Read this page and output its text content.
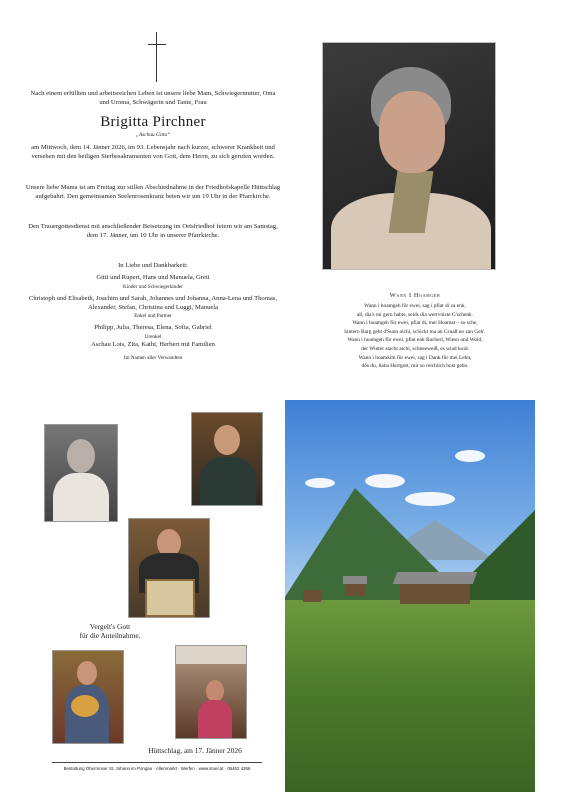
Nach einem erfüllten und arbeitsreichen Leben ist unsere liebe Mam, Schwiegermutter, Oma und Uroma, Schwägerin und Tante, Frau
Brigitta Pirchner
„Aschau Gitta“
am Mittwoch, dem 14. Jänner 2026, im 93. Lebensjahr nach kurzer, schwerer Krankheit und versehen mit den heiligen Sterbesakramenten von Gott, dem Herrn, zu sich gerufen worden.
Unsere liebe Mama ist am Freitag zur stillen Abschiednahme in der Friedhofskapelle Hüttschlag aufgebahrt. Den gemeinsamen Seelenrosenkranz beten wir um 19 Uhr in der Pfarrkirche.
Den Trauergottesdienst mit anschließender Beisetzung im Ortsfriedhof feiern wir am Samstag, dem 17. Jänner, um 10 Uhr in unserer Pfarrkirche.
In Liebe und Dankbarkeit:
Gitti und Rupert, Hans und Manuela, Greti
Kinder und Schwiegerkinder
Christoph und Elisabeth, Joachim und Sarah, Johannes und Johanna, Anna-Lena und Thomas, Alexander, Stefan, Christina und Luggi, Manuela
Enkel und Partner
Philipp, Julia, Theresa, Elena, Sofia, Gabriel
Urenkel
Aschau Lois, Zita, Kathi, Herbert mit Familien
Im Namen aller Verwandten
Wann I Hoamgeh
Wann i hoamgeh für ewei, sag i pfiat di za enk,
all, dia's mi gern habts, seids dia wertvoiste G'schenk.
Wann i hoamgeh für ewei, pfiat di, mei Hoamat – so sche,
hintern Barg geht d'Sunn oichi, schickt ma an Gruaß no zan Geh'.
Wann i hoamgeh für ewei, pfiat enk Bacherl, Wiesn und Woid,
der Winter stacht aichi, schneeweiß, es wiad koid.
Wann i hoamkim für ewei, sag i Dank für mei Lebn,
dös du, liaba Herrgott, mir so reichlich host gebn.
Vergelt's Gott
für die Anteilnahme.
Hüttschlag, am 17. Jänner 2026
Bestattung Obermoser St. Johann im Pongau · Altenmarkt · Werfen · www.stoel.at · 06462 4266
